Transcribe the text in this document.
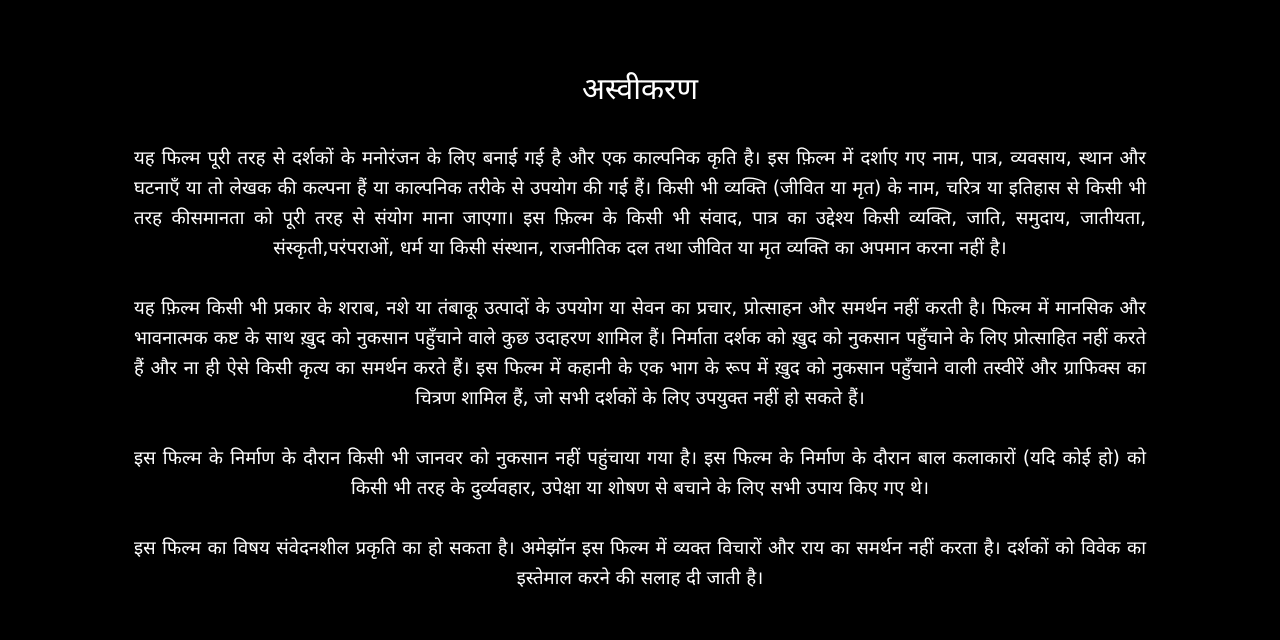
अस्वीकरण

यह फिल्म पूरी तरह से दर्शकों के मनोरंजन के लिए बनाई गई है और एक काल्पनिक कृति है। इस फ़िल्म में दर्शाए गए नाम, पात्र, व्यवसाय, स्थान और घटनाएँ या तो लेखक की कल्पना हैं या काल्पनिक तरीके से उपयोग की गई हैं। किसी भी व्यक्ति (जीवित या मृत) के नाम, चरित्र या इतिहास से किसी भी तरह कीसमानता को पूरी तरह से संयोग माना जाएगा। इस फ़िल्म के किसी भी संवाद, पात्र का उद्देश्य किसी व्यक्ति, जाति, समुदाय, जातीयता, संस्कृती,परंपराओं, धर्म या किसी संस्थान, राजनीतिक दल तथा जीवित या मृत व्यक्ति का अपमान करना नहीं है।

यह फ़िल्म किसी भी प्रकार के शराब, नशे या तंबाकू उत्पादों के उपयोग या सेवन का प्रचार, प्रोत्साहन और समर्थन नहीं करती है। फिल्म में मानसिक और भावनात्मक कष्ट के साथ ख़ुद को नुकसान पहुँचाने वाले कुछ उदाहरण शामिल हैं। निर्माता दर्शक को ख़ुद को नुकसान पहुँचाने के लिए प्रोत्साहित नहीं करते हैं और ना ही ऐसे किसी कृत्य का समर्थन करते हैं। इस फिल्म में कहानी के एक भाग के रूप में ख़ुद को नुकसान पहुँचाने वाली तस्वीरें और ग्राफिक्स का चित्रण शामिल हैं, जो सभी दर्शकों के लिए उपयुक्त नहीं हो सकते हैं।

इस फिल्म के निर्माण के दौरान किसी भी जानवर को नुकसान नहीं पहुंचाया गया है। इस फिल्म के निर्माण के दौरान बाल कलाकारों (यदि कोई हो) को किसी भी तरह के दुर्व्यवहार, उपेक्षा या शोषण से बचाने के लिए सभी उपाय किए गए थे।

इस फिल्म का विषय संवेदनशील प्रकृति का हो सकता है। अमेझॉन इस फिल्म में व्यक्त विचारों और राय का समर्थन नहीं करता है। दर्शकों को विवेक का इस्तेमाल करने की सलाह दी जाती है।
